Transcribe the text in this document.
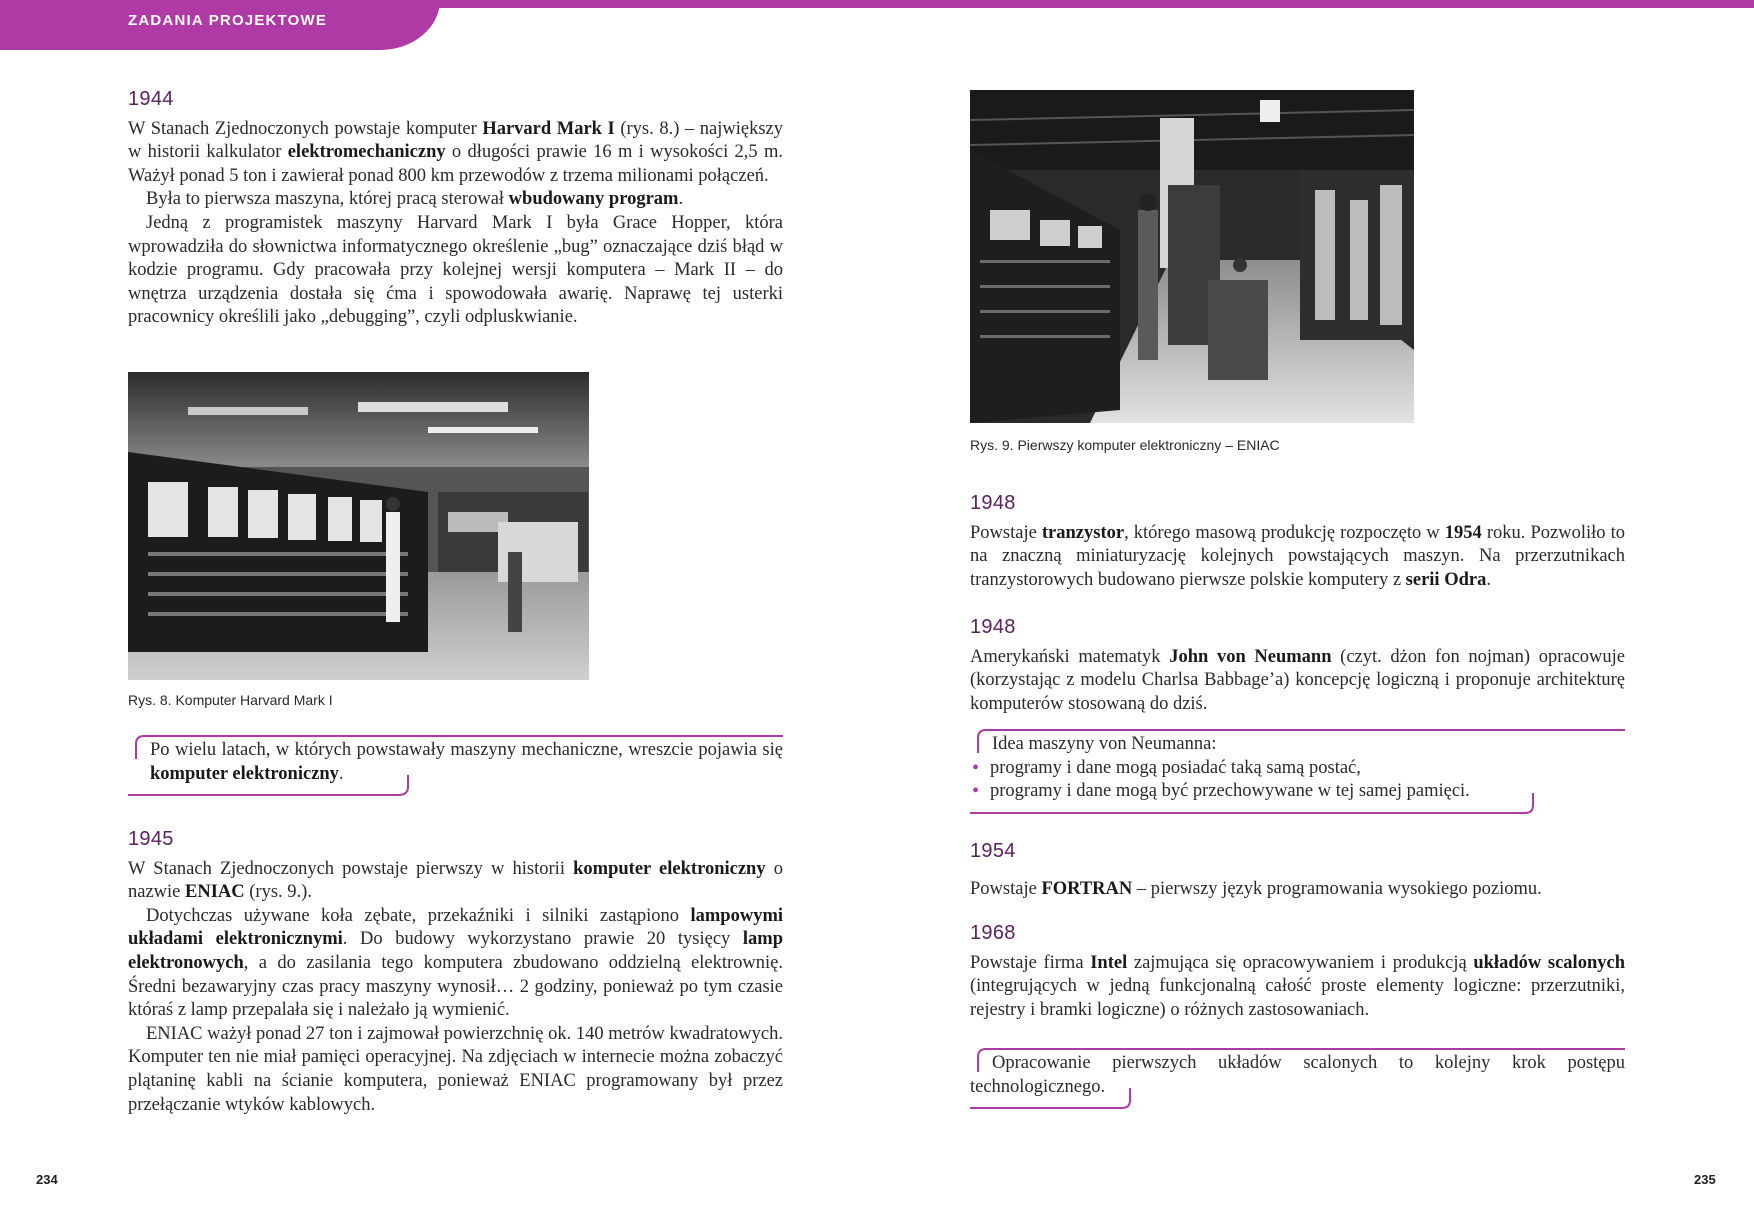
ZADANIA PROJEKTOWE
1944

W Stanach Zjednoczonych powstaje komputer Harvard Mark I (rys. 8.) – największy w historii kalkulator elektromechaniczny o długości prawie 16 m i wysokości 2,5 m. Ważył ponad 5 ton i zawierał ponad 800 km przewodów z trzema milionami połączeń.

Była to pierwsza maszyna, której pracą sterował wbudowany program.

Jedną z programistek maszyny Harvard Mark I była Grace Hopper, która wprowadziła do słownictwa informatycznego określenie „bug” oznaczające dziś błąd w kodzie programu. Gdy pracowała przy kolejnej wersji komputera – Mark II – do wnętrza urządzenia dostała się ćma i spowodowała awarię. Naprawę tej usterki pracownicy określili jako „debugging”, czyli odpluskwianie.

Rys. 8. Komputer Harvard Mark I

Po wielu latach, w których powstawały maszyny mechaniczne, wreszcie pojawia się komputer elektroniczny.

1945

W Stanach Zjednoczonych powstaje pierwszy w historii komputer elektroniczny o nazwie ENIAC (rys. 9.).

Dotychczas używane koła zębate, przekaźniki i silniki zastąpiono lampowymi układami elektronicznymi. Do budowy wykorzystano prawie 20 tysięcy lamp elektronowych, a do zasilania tego komputera zbudowano oddzielną elektrownię. Średni bezawaryjny czas pracy maszyny wynosił… 2 godziny, ponieważ po tym czasie któraś z lamp przepalała się i należało ją wymienić.

ENIAC ważył ponad 27 ton i zajmował powierzchnię ok. 140 metrów kwadratowych. Komputer ten nie miał pamięci operacyjnej. Na zdjęciach w internecie można zobaczyć plątaninę kabli na ścianie komputera, ponieważ ENIAC programowany był przez przełączanie wtyków kablowych.

234
Rys. 9. Pierwszy komputer elektroniczny – ENIAC
1948

Powstaje tranzystor, którego masową produkcję rozpoczęto w 1954 roku. Pozwoliło to na znaczną miniaturyzację kolejnych powstających maszyn. Na przerzutnikach tranzystorowych budowano pierwsze polskie komputery z serii Odra.

1948

Amerykański matematyk John von Neumann (czyt. dżon fon nojman) opracowuje (korzystając z modelu Charlsa Babbage’a) koncepcję logiczną i proponuje architekturę komputerów stosowaną do dziś.

Idea maszyny von Neumanna:
• programy i dane mogą posiadać taką samą postać,
• programy i dane mogą być przechowywane w tej samej pamięci.
1954

Powstaje FORTRAN – pierwszy język programowania wysokiego poziomu.

1968

Powstaje firma Intel zajmująca się opracowywaniem i produkcją układów scalonych (integrujących w jedną funkcjonalną całość proste elementy logiczne: przerzutniki, rejestry i bramki logiczne) o różnych zastosowaniach.

Opracowanie pierwszych układów scalonych to kolejny krok postępu technologicznego.

235
